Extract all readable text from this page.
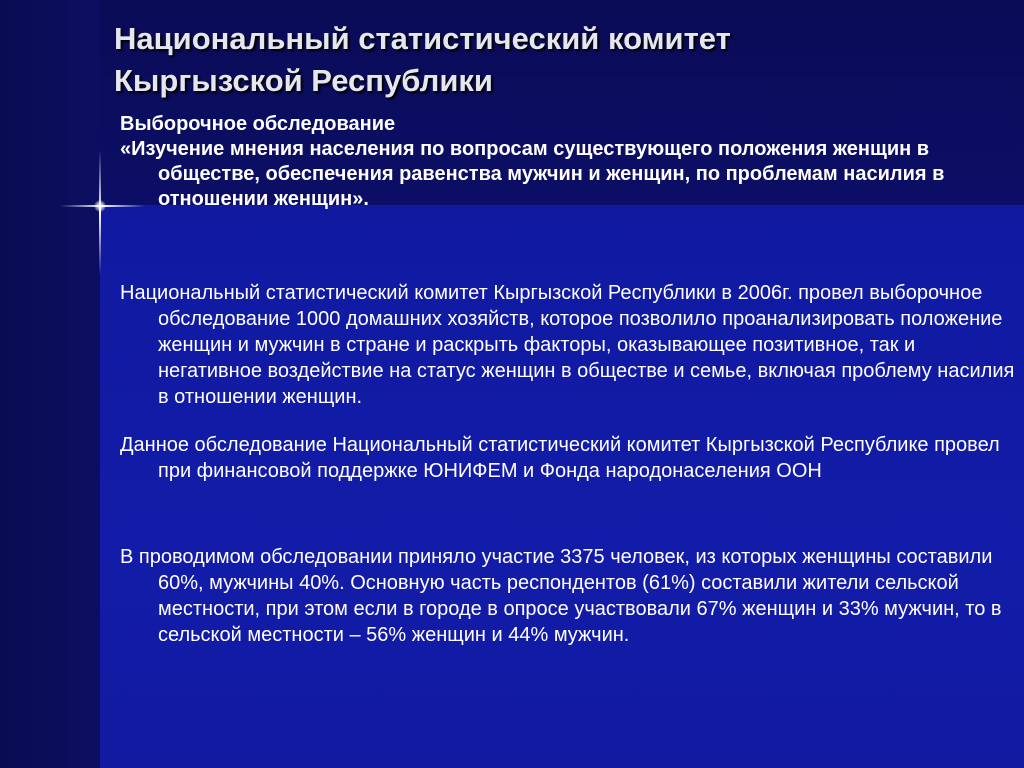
Национальный статистический комитет
Кыргызской Республики
Выборочное обследование
«Изучение мнения населения по вопросам существующего положения женщин в обществе, обеспечения равенства мужчин и женщин, по проблемам насилия в отношении женщин».
Национальный статистический комитет Кыргызской Республики в 2006г. провел выборочное обследование 1000 домашних хозяйств, которое позволило проанализировать положение женщин и мужчин в стране и раскрыть факторы, оказывающее позитивное, так и негативное воздействие на статус женщин в обществе и семье, включая проблему насилия в отношении женщин.
Данное обследование Национальный статистический комитет Кыргызской Республике провел при финансовой поддержке ЮНИФЕМ и Фонда народонаселения ООН
В проводимом обследовании приняло участие 3375 человек, из которых женщины составили 60%, мужчины 40%. Основную часть респондентов (61%) составили жители сельской местности, при этом если в городе в опросе участвовали 67% женщин и 33% мужчин, то в сельской местности – 56% женщин и 44% мужчин.
